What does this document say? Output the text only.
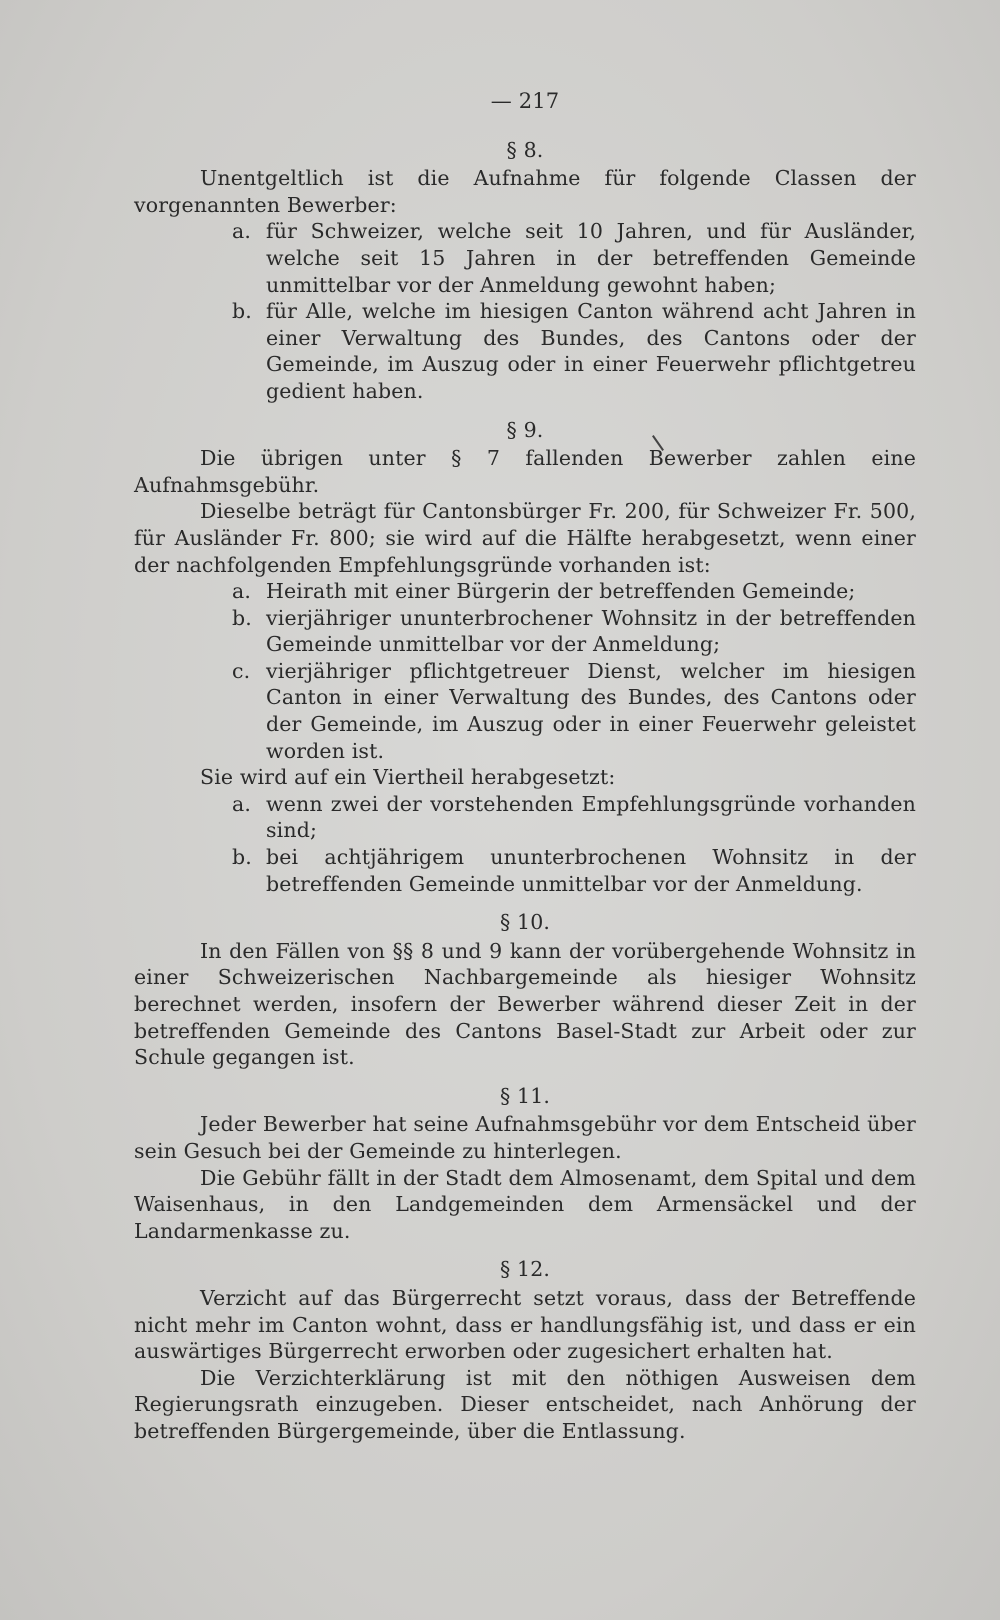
— 217
§ 8.

Unentgeltlich ist die Aufnahme für folgende Classen der vorgenannten Bewerber:

a. für Schweizer, welche seit 10 Jahren, und für Ausländer, welche seit 15 Jahren in der betreffenden Gemeinde unmittelbar vor der Anmeldung gewohnt haben;
b. für Alle, welche im hiesigen Canton während acht Jahren in einer Verwaltung des Bundes, des Cantons oder der Gemeinde, im Auszug oder in einer Feuerwehr pflichtgetreu gedient haben.
§ 9.

Die übrigen unter § 7 fallenden Bewerber zahlen eine Aufnahmsgebühr.

Dieselbe beträgt für Cantonsbürger Fr. 200, für Schweizer Fr. 500, für Ausländer Fr. 800; sie wird auf die Hälfte herabgesetzt, wenn einer der nachfolgenden Empfehlungsgründe vorhanden ist:

a. Heirath mit einer Bürgerin der betreffenden Gemeinde;
b. vierjähriger ununterbrochener Wohnsitz in der betreffenden Gemeinde unmittelbar vor der Anmeldung;
c. vierjähriger pflichtgetreuer Dienst, welcher im hiesigen Canton in einer Verwaltung des Bundes, des Cantons oder der Gemeinde, im Auszug oder in einer Feuerwehr geleistet worden ist.

Sie wird auf ein Viertheil herabgesetzt:

a. wenn zwei der vorstehenden Empfehlungsgründe vorhanden sind;
b. bei achtjährigem ununterbrochenen Wohnsitz in der betreffenden Gemeinde unmittelbar vor der Anmeldung.
§ 10.

In den Fällen von §§ 8 und 9 kann der vorübergehende Wohnsitz in einer Schweizerischen Nachbargemeinde als hiesiger Wohnsitz berechnet werden, insofern der Bewerber während dieser Zeit in der betreffenden Gemeinde des Cantons Basel-Stadt zur Arbeit oder zur Schule gegangen ist.

§ 11.

Jeder Bewerber hat seine Aufnahmsgebühr vor dem Entscheid über sein Gesuch bei der Gemeinde zu hinterlegen.

Die Gebühr fällt in der Stadt dem Almosenamt, dem Spital und dem Waisenhaus, in den Landgemeinden dem Armensäckel und der Landarmenkasse zu.

§ 12.

Verzicht auf das Bürgerrecht setzt voraus, dass der Betreffende nicht mehr im Canton wohnt, dass er handlungsfähig ist, und dass er ein auswärtiges Bürgerrecht erworben oder zugesichert erhalten hat.

Die Verzichterklärung ist mit den nöthigen Ausweisen dem Regierungsrath einzugeben. Dieser entscheidet, nach Anhörung der betreffenden Bürgergemeinde, über die Entlassung.
